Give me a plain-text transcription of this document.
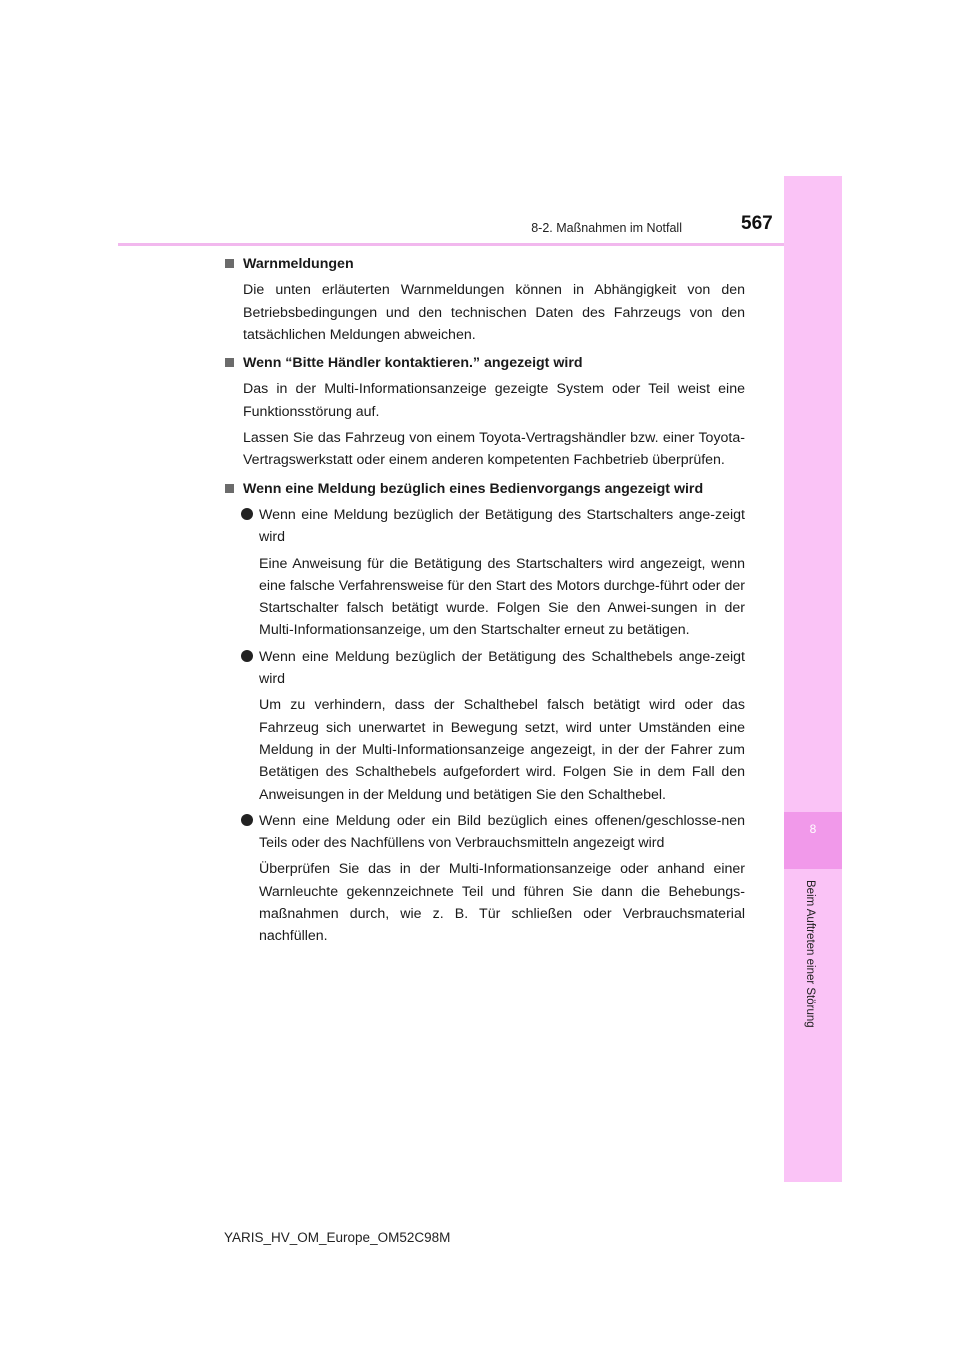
8
Beim Auftreten einer Störung
8-2. Maßnahmen im Notfall	567
Warnmeldungen
Die unten erläuterten Warnmeldungen können in Abhängigkeit von den Betriebsbedingungen und den technischen Daten des Fahrzeugs von den tatsächlichen Meldungen abweichen.
Wenn “Bitte Händler kontaktieren.” angezeigt wird
Das in der Multi-Informationsanzeige gezeigte System oder Teil weist eine Funktionsstörung auf.
Lassen Sie das Fahrzeug von einem Toyota-Vertragshändler bzw. einer Toyota-Vertragswerkstatt oder einem anderen kompetenten Fachbetrieb überprüfen.
Wenn eine Meldung bezüglich eines Bedienvorgangs angezeigt wird
Wenn eine Meldung bezüglich der Betätigung des Startschalters ange-zeigt wird
Eine Anweisung für die Betätigung des Startschalters wird angezeigt, wenn eine falsche Verfahrensweise für den Start des Motors durchge-führt oder der Startschalter falsch betätigt wurde. Folgen Sie den Anwei-sungen in der Multi-Informationsanzeige, um den Startschalter erneut zu betätigen.
Wenn eine Meldung bezüglich der Betätigung des Schalthebels ange-zeigt wird
Um zu verhindern, dass der Schalthebel falsch betätigt wird oder das Fahrzeug sich unerwartet in Bewegung setzt, wird unter Umständen eine Meldung in der Multi-Informationsanzeige angezeigt, in der der Fahrer zum Betätigen des Schalthebels aufgefordert wird. Folgen Sie in dem Fall den Anweisungen in der Meldung und betätigen Sie den Schalthebel.
Wenn eine Meldung oder ein Bild bezüglich eines offenen/geschlosse-nen Teils oder des Nachfüllens von Verbrauchsmitteln angezeigt wird
Überprüfen Sie das in der Multi-Informationsanzeige oder anhand einer Warnleuchte gekennzeichnete Teil und führen Sie dann die Behebungs-maßnahmen durch, wie z. B. Tür schließen oder Verbrauchsmaterial nachfüllen.
YARIS_HV_OM_Europe_OM52C98M
